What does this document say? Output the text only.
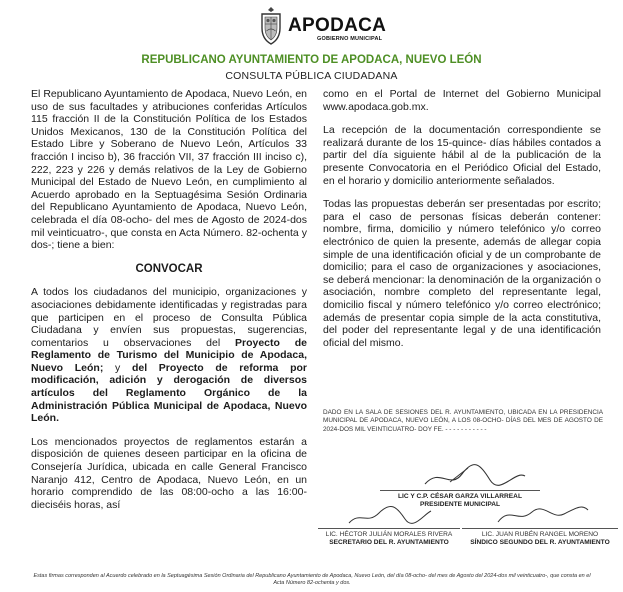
APODACA
GOBIERNO MUNICIPAL
REPUBLICANO AYUNTAMIENTO DE APODACA, NUEVO LEÓN
CONSULTA PÚBLICA CIUDADANA

El Republicano Ayuntamiento de Apodaca, Nuevo León, en uso de sus facultades y atribuciones conferidas Artículos 115 fracción II de la Constitución Política de los Estados Unidos Mexicanos, 130 de la Constitución Política del Estado Libre y Soberano de Nuevo León, Artículos 33 fracción I inciso b), 36 fracción VII, 37 fracción III inciso c), 222, 223 y 226 y demás relativos de la Ley de Gobierno Municipal del Estado de Nuevo León, en cumplimiento al Acuerdo aprobado en la Septuagésima Sesión Ordinaria del Republicano Ayuntamiento de Apodaca, Nuevo León, celebrada el día 08-ocho- del mes de Agosto de 2024-dos mil veinticuatro-, que consta en Acta Número. 82-ochenta y dos-; tiene a bien:

CONVOCAR

A todos los ciudadanos del municipio, organizaciones y asociaciones debidamente identificadas y registradas para que participen en el proceso de Consulta Pública Ciudadana y envíen sus propuestas, sugerencias, comentarios u observaciones del Proyecto de Reglamento de Turismo del Municipio de Apodaca, Nuevo León; y del Proyecto de reforma por modificación, adición y derogación de diversos artículos del Reglamento Orgánico de la Administración Pública Municipal de Apodaca, Nuevo León.

Los mencionados proyectos de reglamentos estarán a disposición de quienes deseen participar en la oficina de Consejería Jurídica, ubicada en calle General Francisco Naranjo 412, Centro de Apodaca, Nuevo León, en un horario comprendido de las 08:00-ocho a las 16:00-dieciséis horas, así

como en el Portal de Internet del Gobierno Municipal www.apodaca.gob.mx.

La recepción de la documentación correspondiente se realizará durante de los 15-quince- días hábiles contados a partir del día siguiente hábil al de la publicación de la presente Convocatoria en el Periódico Oficial del Estado, en el horario y domicilio anteriormente señalados.

Todas las propuestas deberán ser presentadas por escrito; para el caso de personas físicas deberán contener: nombre, firma, domicilio y número telefónico y/o correo electrónico de quien la presente, además de allegar copia simple de una identificación oficial y de un comprobante de domicilio; para el caso de organizaciones y asociaciones, se deberá mencionar: la denominación de la organización o asociación, nombre completo del representante legal, domicilio fiscal y número telefónico y/o correo electrónico; además de presentar copia simple de la acta constitutiva, del poder del representante legal y de una identificación oficial del mismo.

DADO EN LA SALA DE SESIONES DEL R. AYUNTAMIENTO, UBICADA EN LA PRESIDENCIA MUNICIPAL DE APODACA, NUEVO LEÓN, A LOS 08-OCHO- DÍAS DEL MES DE AGOSTO DE 2024-DOS MIL VEINTICUATRO- DOY FE. - - - - - - - - - - -
LIC Y C.P. CÉSAR GARZA VILLARREAL
PRESIDENTE MUNICIPAL
LIC. HÉCTOR JULIÁN MORALES RIVERA
SECRETARIO DEL R. AYUNTAMIENTO
LIC. JUAN RUBÉN RANGEL MORENO
SÍNDICO SEGUNDO DEL R. AYUNTAMIENTO
Estas firmas corresponden al Acuerdo celebrado en la Septuagésima Sesión Ordinaria del Republicano Ayuntamiento de Apodaca, Nuevo León, del día 08-ocho- del mes de Agosto del 2024-dos mil veinticuatro-, que consta en el Acta Número 82-ochenta y dos.
